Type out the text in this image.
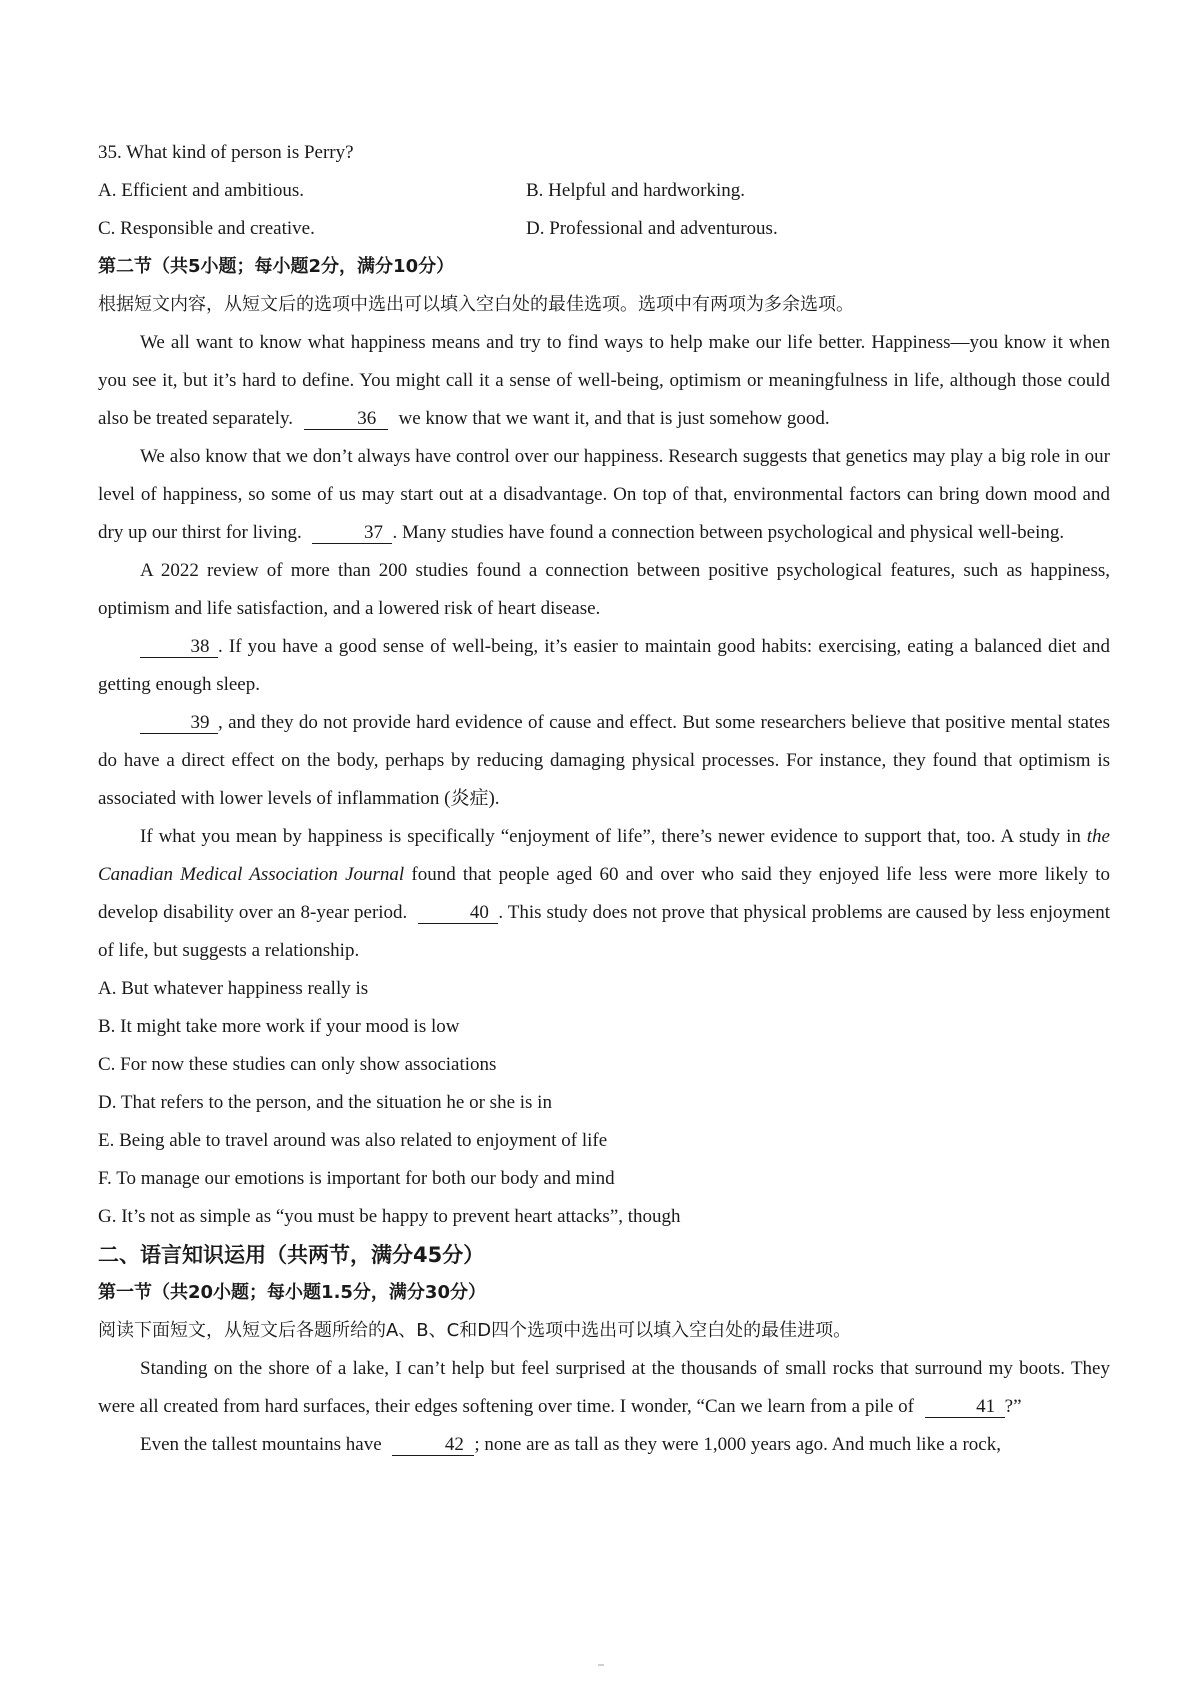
35. What kind of person is Perry?
A. Efficient and ambitious.	B. Helpful and hardworking.
C. Responsible and creative.	D. Professional and adventurous.
第二节（共5小题；每小题2分，满分10分）
根据短文内容，从短文后的选项中选出可以填入空白处的最佳选项。选项中有两项为多余选项。

We all want to know what happiness means and try to find ways to help make our life better. Happiness—you know it when you see it, but it’s hard to define. You might call it a sense of well-being, optimism or meaningfulness in life, although those could also be treated separately.	36 we know that we want it, and that is just somehow good.

We also know that we don’t always have control over our happiness. Research suggests that genetics may play a big role in our level of happiness, so some of us may start out at a disadvantage. On top of that, environmental factors can bring down mood and dry up our thirst for living.	37 . Many studies have found a connection between psychological and physical well-being.

A 2022 review of more than 200 studies found a connection between positive psychological features, such as happiness, optimism and life satisfaction, and a lowered risk of heart disease.

38 . If you have a good sense of well-being, it’s easier to maintain good habits: exercising, eating a balanced diet and getting enough sleep.

39 , and they do not provide hard evidence of cause and effect. But some researchers believe that positive mental states do have a direct effect on the body, perhaps by reducing damaging physical processes. For instance, they found that optimism is associated with lower levels of inflammation (炎症).

If what you mean by happiness is specifically “enjoyment of life”, there’s newer evidence to support that, too. A study in the Canadian Medical Association Journal found that people aged 60 and over who said they enjoyed life less were more likely to develop disability over an 8-year period.	40 . This study does not prove that physical problems are caused by less enjoyment of life, but suggests a relationship.

A. But whatever happiness really is
B. It might take more work if your mood is low
C. For now these studies can only show associations
D. That refers to the person, and the situation he or she is in
E. Being able to travel around was also related to enjoyment of life
F. To manage our emotions is important for both our body and mind
G. It’s not as simple as “you must be happy to prevent heart attacks”, though
二、语言知识运用（共两节，满分45分）
第一节（共20小题；每小题1.5分，满分30分）
阅读下面短文，从短文后各题所给的A、B、C和D四个选项中选出可以填入空白处的最佳进项。

Standing on the shore of a lake, I can’t help but feel surprised at the thousands of small rocks that surround my boots. They were all created from hard surfaces, their edges softening over time. I wonder, “Can we learn from a pile of	41 ?”

Even the tallest mountains have	42 ; none are as tall as they were 1,000 years ago. And much like a rock,
